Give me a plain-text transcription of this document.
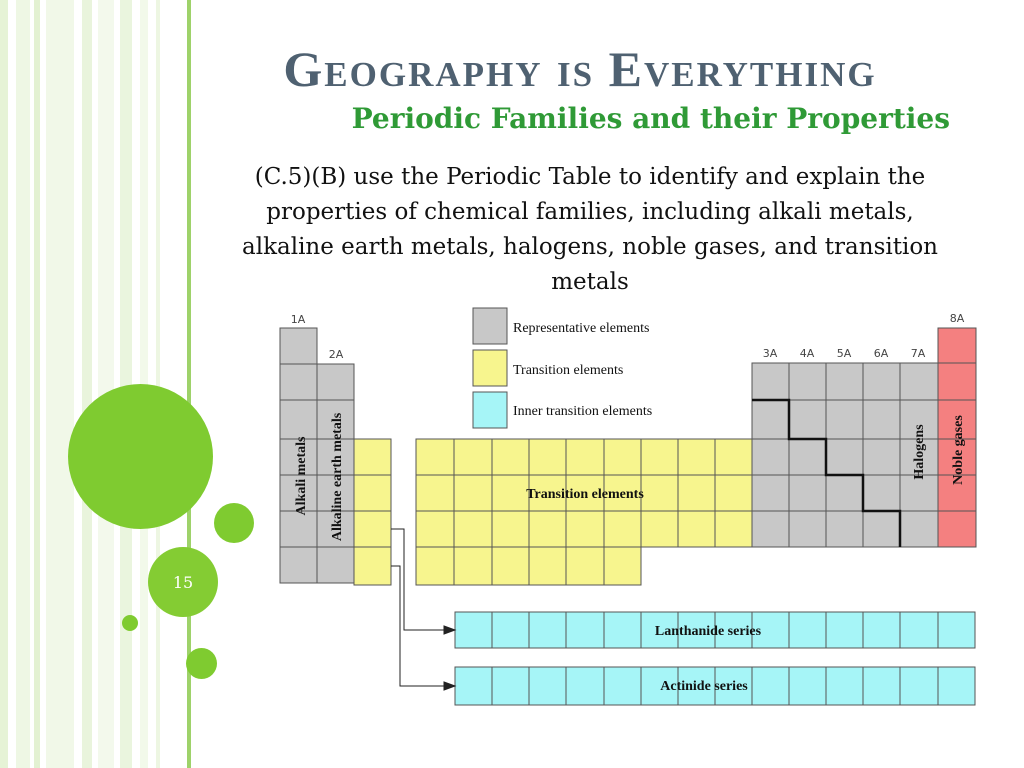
Geography is Everything
Periodic Families and their Properties

(C.5)(B) use the Periodic Table to identify and explain the properties of chemical families, including alkali metals, alkaline earth metals, halogens, noble gases, and transition metals

15
1A
2A	3A 4A 5A 6A 7A
8A
Representative elements
Transition elements
Inner transition elements
Alkali metals Alkaline earth metals	Halogens Noble gases
Transition elements
Lanthanide series
Actinide series
